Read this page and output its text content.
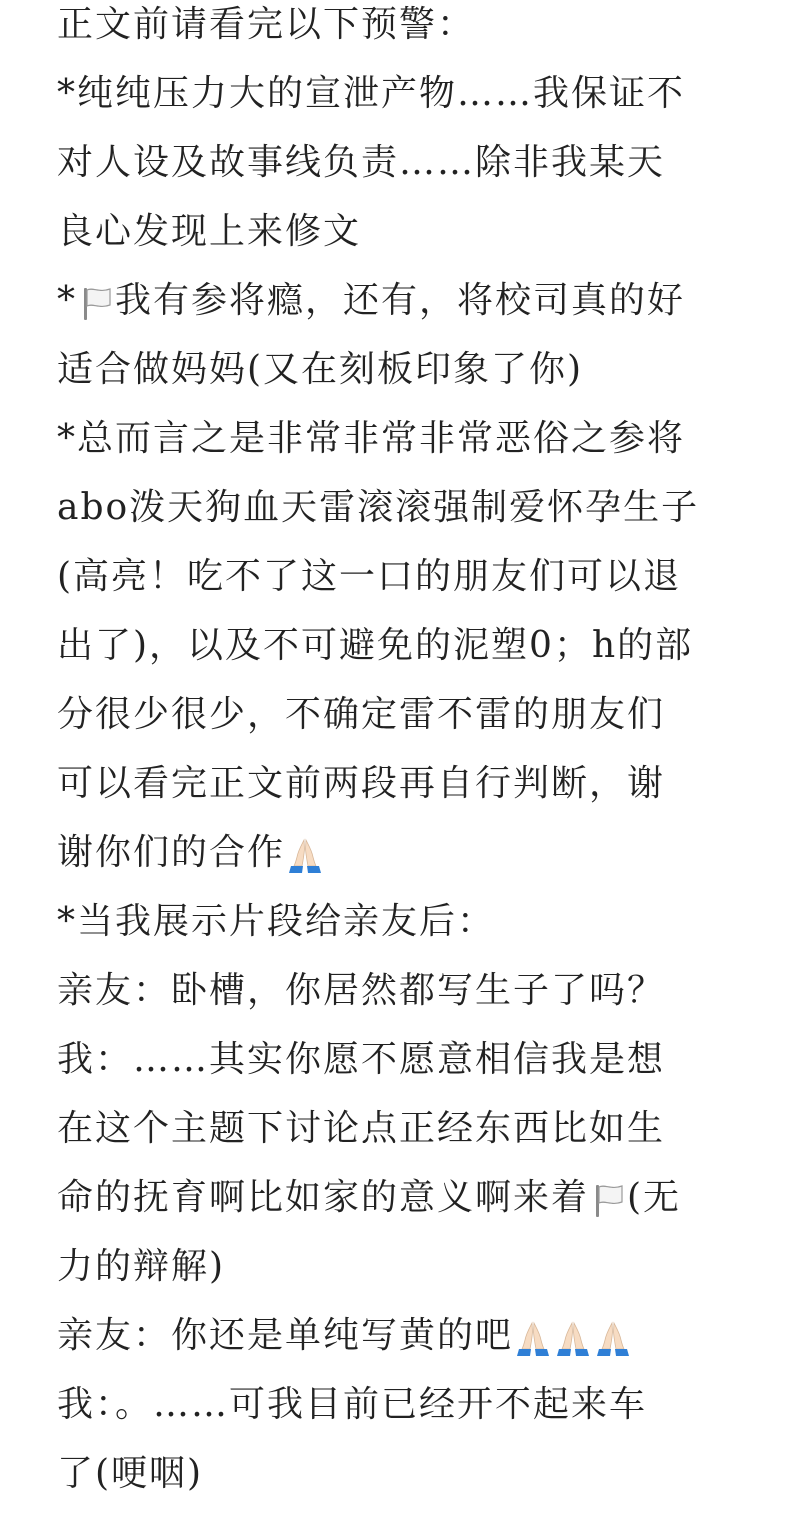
正文前请看完以下预警：
*纯纯压力大的宣泄产物……我保证不
对人设及故事线负责……除非我某天
良心发现上来修文
* 我有参将瘾，还有，将校司真的好
适合做妈妈(又在刻板印象了你)
*总而言之是非常非常非常恶俗之参将
abo泼天狗血天雷滚滚强制爱怀孕生子
(高亮！吃不了这一口的朋友们可以退
出了)，以及不可避免的泥塑0；h的部
分很少很少，不确定雷不雷的朋友们
可以看完正文前两段再自行判断，谢
谢你们的合作
*当我展示片段给亲友后：
亲友：卧槽，你居然都写生子了吗？
我：……其实你愿不愿意相信我是想
在这个主题下讨论点正经东西比如生
命的抚育啊比如家的意义啊来着 (无
力的辩解)
亲友：你还是单纯写黄的吧
我：。……可我目前已经开不起来车
了(哽咽)
